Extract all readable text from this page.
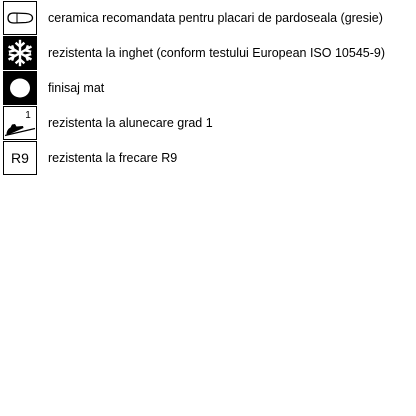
ceramica recomandata pentru placari de pardoseala (gresie)
rezistenta la inghet (conform testului European ISO 10545-9)
finisaj mat
1
rezistenta la alunecare grad 1
R9	rezistenta la frecare R9
